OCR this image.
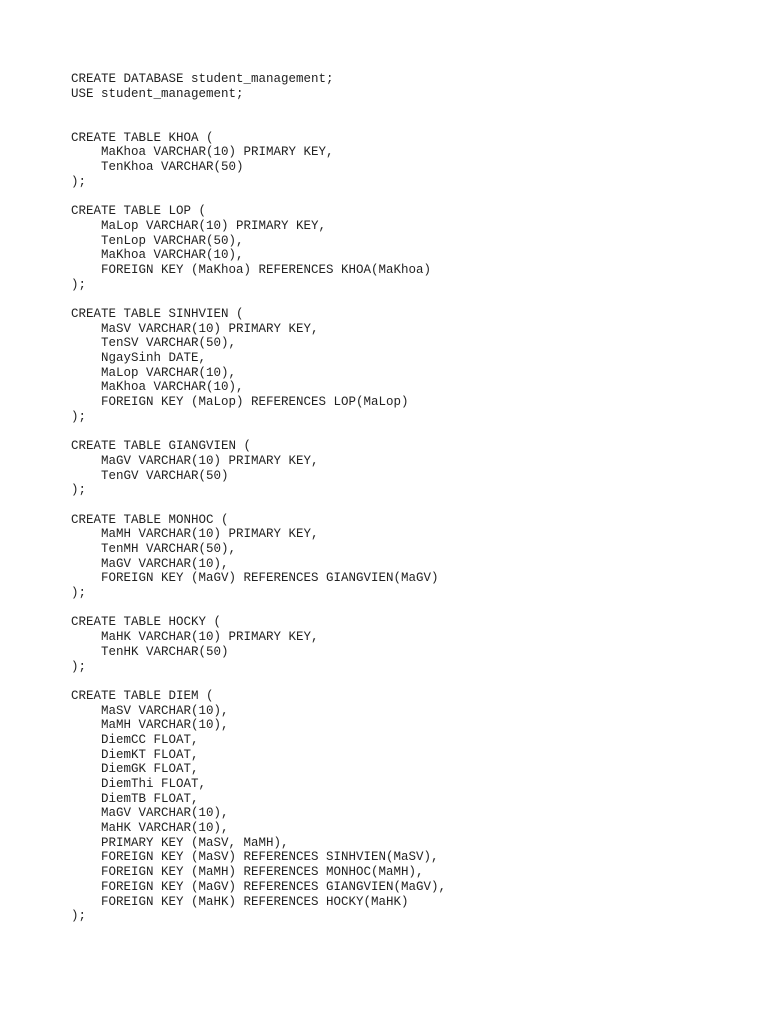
CREATE DATABASE student_management;
USE student_management;
CREATE TABLE KHOA (
MaKhoa VARCHAR(10) PRIMARY KEY,
TenKhoa VARCHAR(50)
);
CREATE TABLE LOP (
MaLop VARCHAR(10) PRIMARY KEY,
TenLop VARCHAR(50),
MaKhoa VARCHAR(10),
FOREIGN KEY (MaKhoa) REFERENCES KHOA(MaKhoa)
);
CREATE TABLE SINHVIEN (
MaSV VARCHAR(10) PRIMARY KEY,
TenSV VARCHAR(50),
NgaySinh DATE,
MaLop VARCHAR(10),
MaKhoa VARCHAR(10),
FOREIGN KEY (MaLop) REFERENCES LOP(MaLop)
);
CREATE TABLE GIANGVIEN (
MaGV VARCHAR(10) PRIMARY KEY,
TenGV VARCHAR(50)
);
CREATE TABLE MONHOC (
MaMH VARCHAR(10) PRIMARY KEY,
TenMH VARCHAR(50),
MaGV VARCHAR(10),
FOREIGN KEY (MaGV) REFERENCES GIANGVIEN(MaGV)
);
CREATE TABLE HOCKY (
MaHK VARCHAR(10) PRIMARY KEY,
TenHK VARCHAR(50)
);
CREATE TABLE DIEM (
MaSV VARCHAR(10),
MaMH VARCHAR(10),
DiemCC FLOAT,
DiemKT FLOAT,
DiemGK FLOAT,
DiemThi FLOAT,
DiemTB FLOAT,
MaGV VARCHAR(10),
MaHK VARCHAR(10),
PRIMARY KEY (MaSV, MaMH),
FOREIGN KEY (MaSV) REFERENCES SINHVIEN(MaSV),
FOREIGN KEY (MaMH) REFERENCES MONHOC(MaMH),
FOREIGN KEY (MaGV) REFERENCES GIANGVIEN(MaGV),
FOREIGN KEY (MaHK) REFERENCES HOCKY(MaHK)
);
